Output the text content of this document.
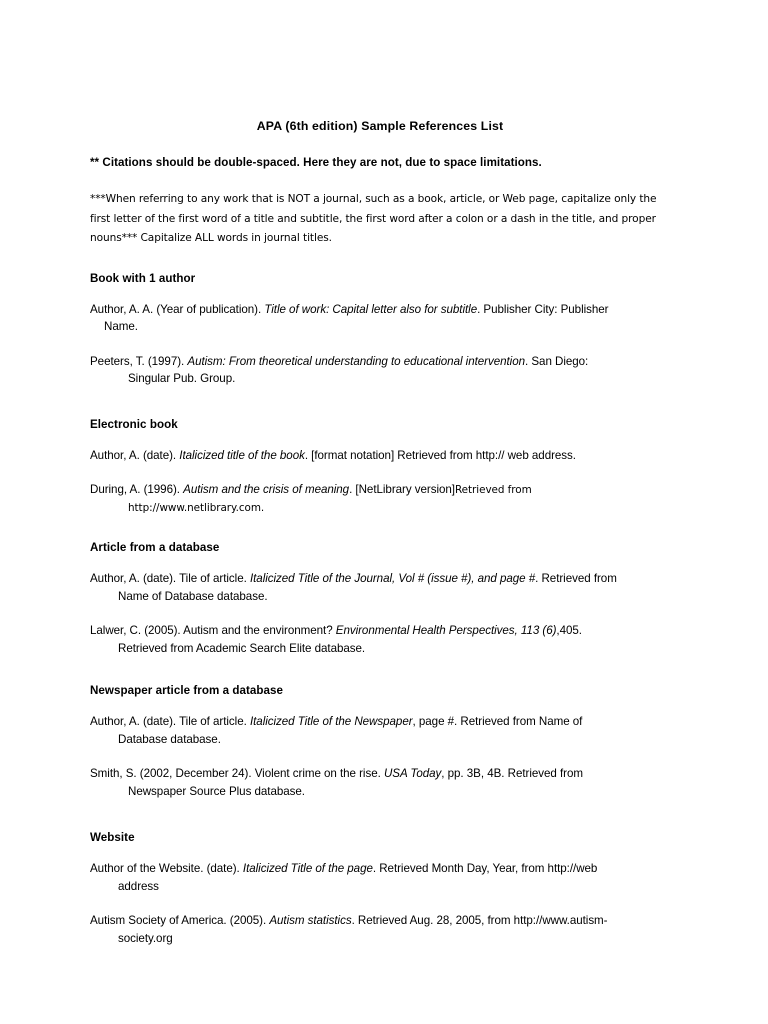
APA (6th edition) Sample References List

** Citations should be double-spaced. Here they are not, due to space limitations.

***When referring to any work that is NOT a journal, such as a book, article, or Web page, capitalize only the first letter of the first word of a title and subtitle, the first word after a colon or a dash in the title, and proper nouns*** Capitalize ALL words in journal titles.

Book with 1 author

Author, A. A. (Year of publication). Title of work: Capital letter also for subtitle. Publisher City: Publisher
Name.

Peeters, T. (1997). Autism: From theoretical understanding to educational intervention. San Diego:
Singular Pub. Group.

Electronic book

Author, A. (date). Italicized title of the book. [format notation] Retrieved from http:// web address.

During, A. (1996). Autism and the crisis of meaning. [NetLibrary version]Retrieved from
http://www.netlibrary.com.

Article from a database

Author, A. (date). Tile of article. Italicized Title of the Journal, Vol # (issue #), and page #. Retrieved from
Name of Database database.

Lalwer, C. (2005). Autism and the environment? Environmental Health Perspectives, 113 (6),405.
Retrieved from Academic Search Elite database.

Newspaper article from a database

Author, A. (date). Tile of article. Italicized Title of the Newspaper, page #. Retrieved from Name of
Database database.

Smith, S. (2002, December 24). Violent crime on the rise. USA Today, pp. 3B, 4B. Retrieved from
Newspaper Source Plus database.

Website

Author of the Website. (date). Italicized Title of the page. Retrieved Month Day, Year, from http://web
address

Autism Society of America. (2005). Autism statistics. Retrieved Aug. 28, 2005, from http://www.autism-
society.org
